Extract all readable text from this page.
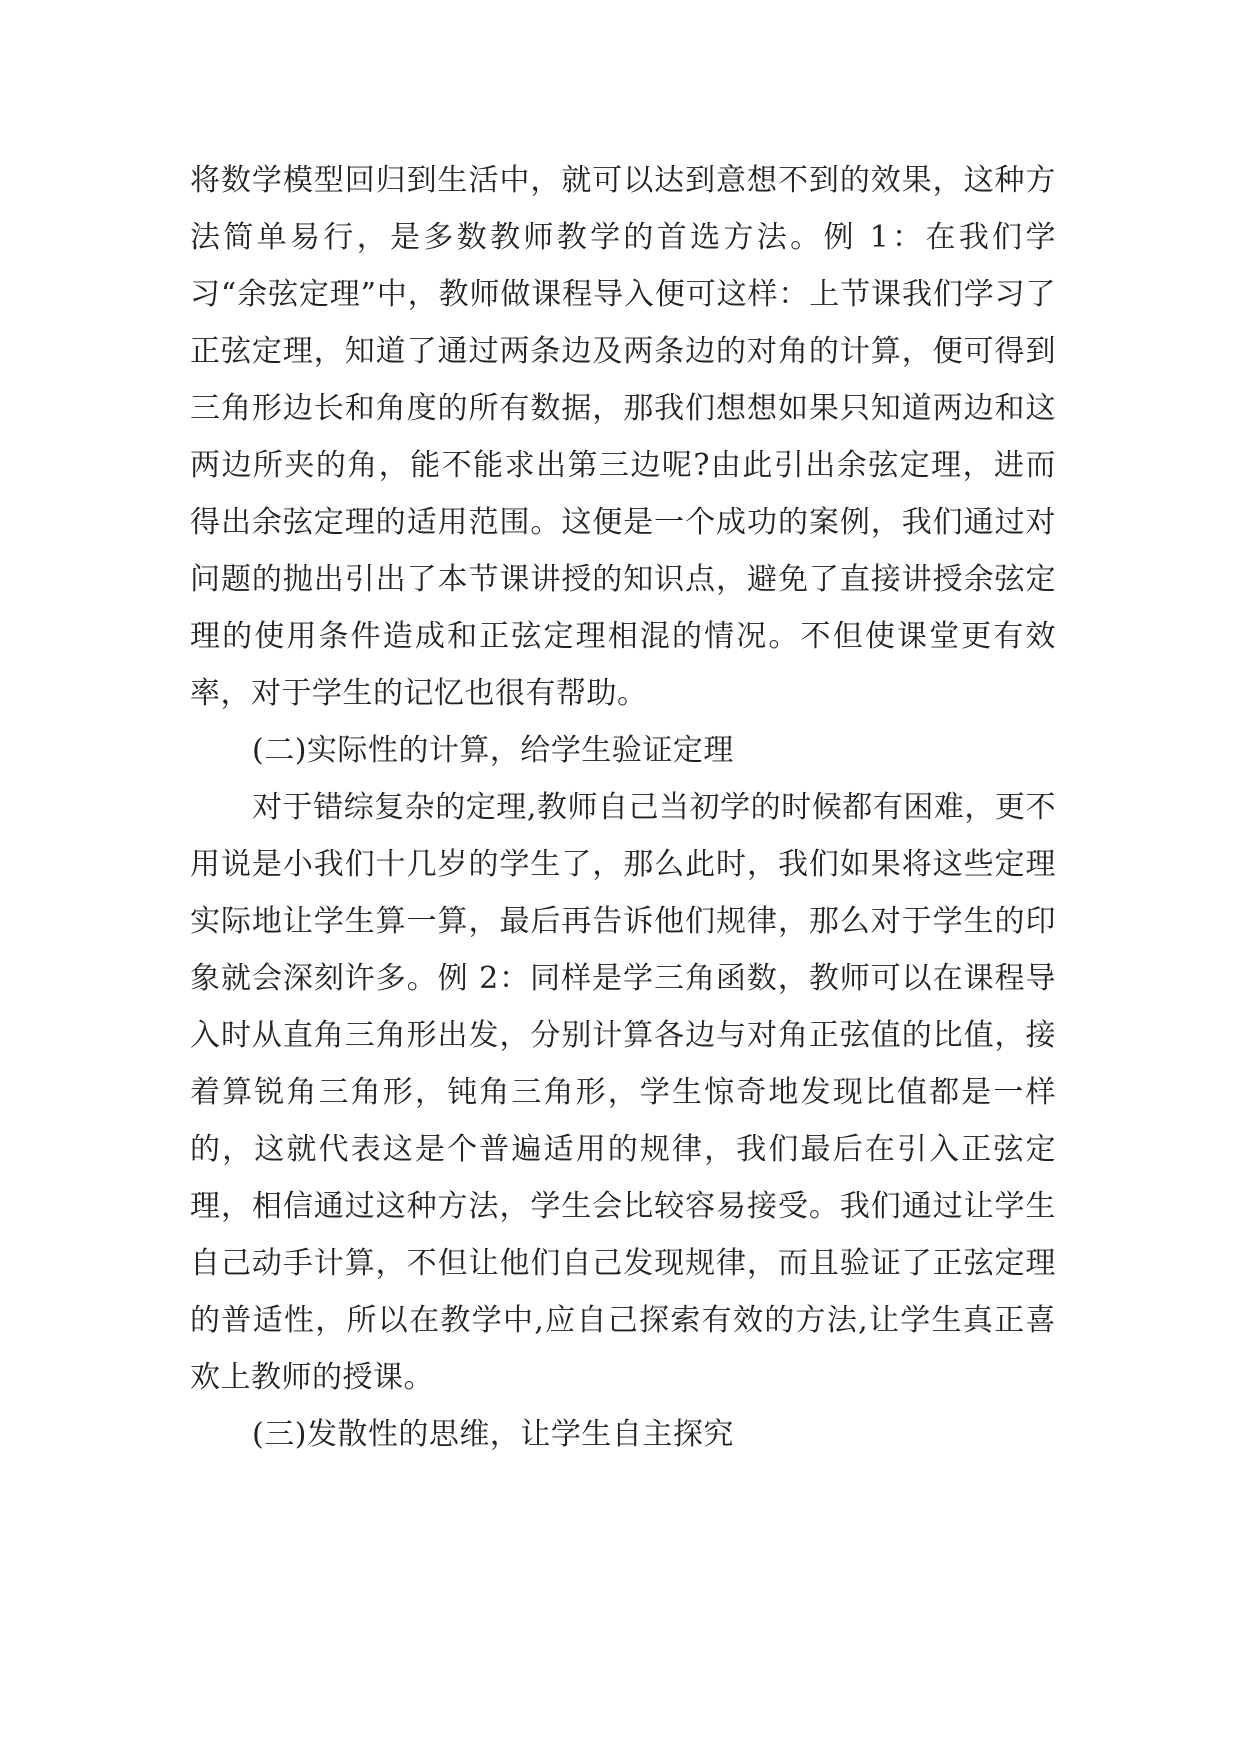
将数学模型回归到生活中，就可以达到意想不到的效果，这种方法简单易行，是多数教师教学的首选方法。例 1：在我们学习“余弦定理”中，教师做课程导入便可这样：上节课我们学习了正弦定理，知道了通过两条边及两条边的对角的计算，便可得到三角形边长和角度的所有数据，那我们想想如果只知道两边和这两边所夹的角，能不能求出第三边呢?由此引出余弦定理，进而得出余弦定理的适用范围。这便是一个成功的案例，我们通过对问题的抛出引出了本节课讲授的知识点，避免了直接讲授余弦定理的使用条件造成和正弦定理相混的情况。不但使课堂更有效率，对于学生的记忆也很有帮助。

(二)实际性的计算，给学生验证定理

对于错综复杂的定理,教师自己当初学的时候都有困难，更不用说是小我们十几岁的学生了，那么此时，我们如果将这些定理实际地让学生算一算，最后再告诉他们规律，那么对于学生的印象就会深刻许多。例 2：同样是学三角函数，教师可以在课程导入时从直角三角形出发，分别计算各边与对角正弦值的比值，接着算锐角三角形，钝角三角形，学生惊奇地发现比值都是一样的，这就代表这是个普遍适用的规律，我们最后在引入正弦定理，相信通过这种方法，学生会比较容易接受。我们通过让学生自己动手计算，不但让他们自己发现规律，而且验证了正弦定理的普适性，所以在教学中,应自己探索有效的方法,让学生真正喜欢上教师的授课。

(三)发散性的思维，让学生自主探究
